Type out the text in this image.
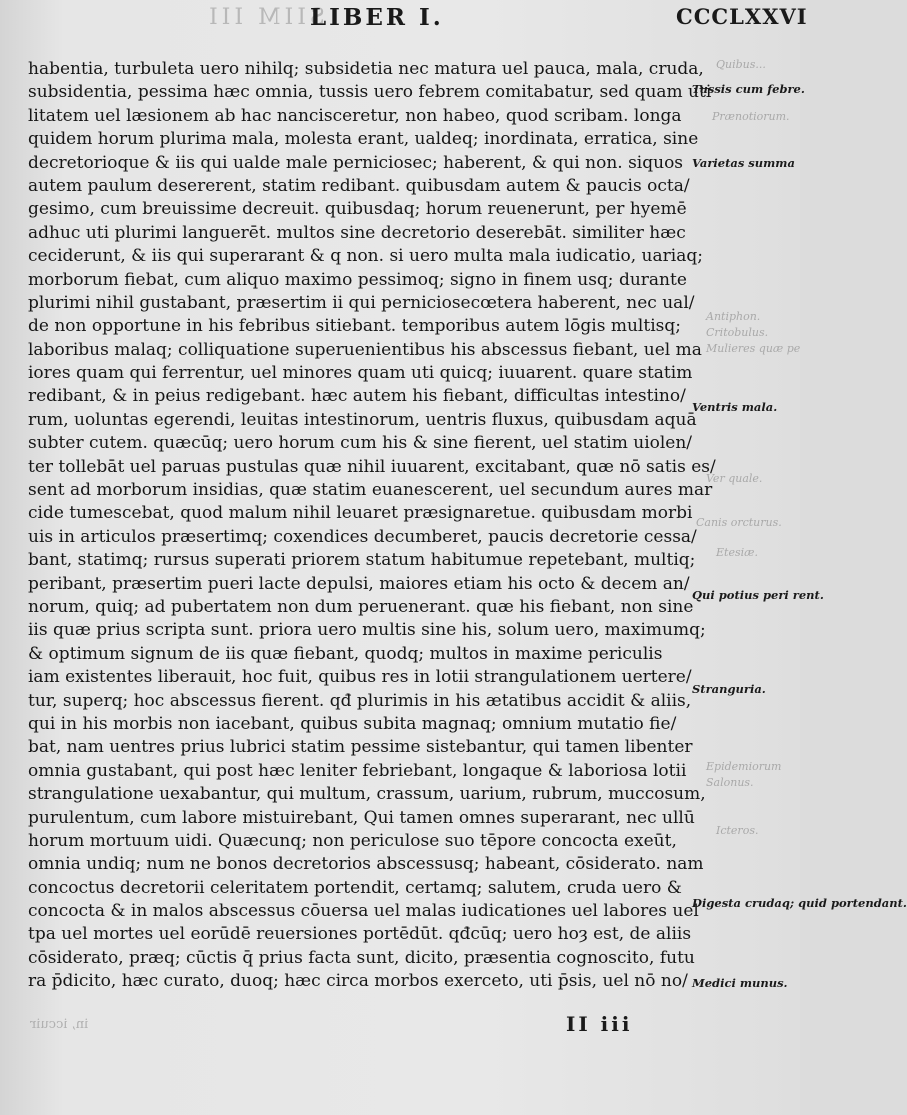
SIIM III
LIBER I.	CCCLXXVI
habentia, turbuleta uero nihilq; subsidetia nec matura uel pauca, mala, cruda,
subsidentia, pessima hæc omnia, tussis uero febrem comitabatur, sed quam uti
litatem uel læsionem ab hac nancisceretur, non habeo, quod scribam. longa
quidem horum plurima mala, molesta erant, ualdeq; inordinata, erratica, sine
decretorioque & iis qui ualde male perniciosec; haberent, & qui non. siquos
autem paulum desererent, statim redibant. quibusdam autem & paucis octa/
gesimo, cum breuissime decreuit. quibusdaq; horum reuenerunt, per hyemē
adhuc uti plurimi languerēt. multos sine decretorio deserebāt. similiter hæc
ceciderunt, & iis qui superarant & q non. si uero multa mala iudicatio, uariaq;
morborum fiebat, cum aliquo maximo pessimoq; signo in finem usq; durante
plurimi nihil gustabant, præsertim ii qui perniciosecœtera haberent, nec ual/
de non opportune in his febribus sitiebant. temporibus autem lōgis multisq;
laboribus malaq; colliquatione superuenientibus his abscessus fiebant, uel ma
iores quam qui ferrentur, uel minores quam uti quicq; iuuarent. quare statim
redibant, & in peius redigebant. hæc autem his fiebant, difficultas intestino/
rum, uoluntas egerendi, leuitas intestinorum, uentris fluxus, quibusdam aquā
subter cutem. quæcūq; uero horum cum his & sine fierent, uel statim uiolen/
ter tollebāt uel paruas pustulas quæ nihil iuuarent, excitabant, quæ nō satis es/
sent ad morborum insidias, quæ statim euanescerent, uel secundum aures mar
cide tumescebat, quod malum nihil leuaret præsignaretue. quibusdam morbi
uis in articulos præsertimq; coxendices decumberet, paucis decretorie cessa/
bant, statimq; rursus superati priorem statum habitumue repetebant, multiq;
peribant, præsertim pueri lacte depulsi, maiores etiam his octo & decem an/
norum, quiq; ad pubertatem non dum peruenerant. quæ his fiebant, non sine
iis quæ prius scripta sunt. priora uero multis sine his, solum uero, maximumq;
& optimum signum de iis quæ fiebant, quodq; multos in maxime periculis
iam existentes liberauit, hoc fuit, quibus res in lotii strangulationem uertere/
tur, superq; hoc abscessus fierent. qđ plurimis in his ætatibus accidit & aliis,
qui in his morbis non iacebant, quibus subita magnaq; omnium mutatio fie/
bat, nam uentres prius lubrici statim pessime sistebantur, qui tamen libenter
omnia gustabant, qui post hæc leniter febriebant, longaque & laboriosa lotii
strangulatione uexabantur, qui multum, crassum, uarium, rubrum, muccosum,
purulentum, cum labore mistuirebant, Qui tamen omnes superarant, nec ullū
horum mortuum uidi. Quæcunq; non periculose suo tēpore concocta exeūt,
omnia undiq; num ne bonos decretorios abscessusq; habeant, cōsiderato. nam
concoctus decretorii celeritatem portendit, certamq; salutem, cruda uero &
concocta & in malos abscessus cōuersa uel malas iudicationes uel labores uel
tpa uel mortes uel eorūdē reuersiones portēdūt. qđcūq; uero hoȝ est, de aliis
cōsiderato, præq; cūctis q̄ prius facta sunt, dicito, præsentia cognoscito, futu
ra p̄dicito, hæc curato, duoq; hæc circa morbos exerceto, uti p̄sis, uel nō no/
Quibus...
Tussis cum febre.
Prænotiorum.
Varietas summa
Antiphon.
Critobulus.
Mulieres quæ pe
Ventris mala.
Ver quale.
Canis orcturus.
Etesiæ.
Qui potius peri rent.
Stranguria.
Epidemiorum
Salonus.
Icteros.
Digesta crudaq; quid portendant.
Medici munus.
in, iccuir	II iii
